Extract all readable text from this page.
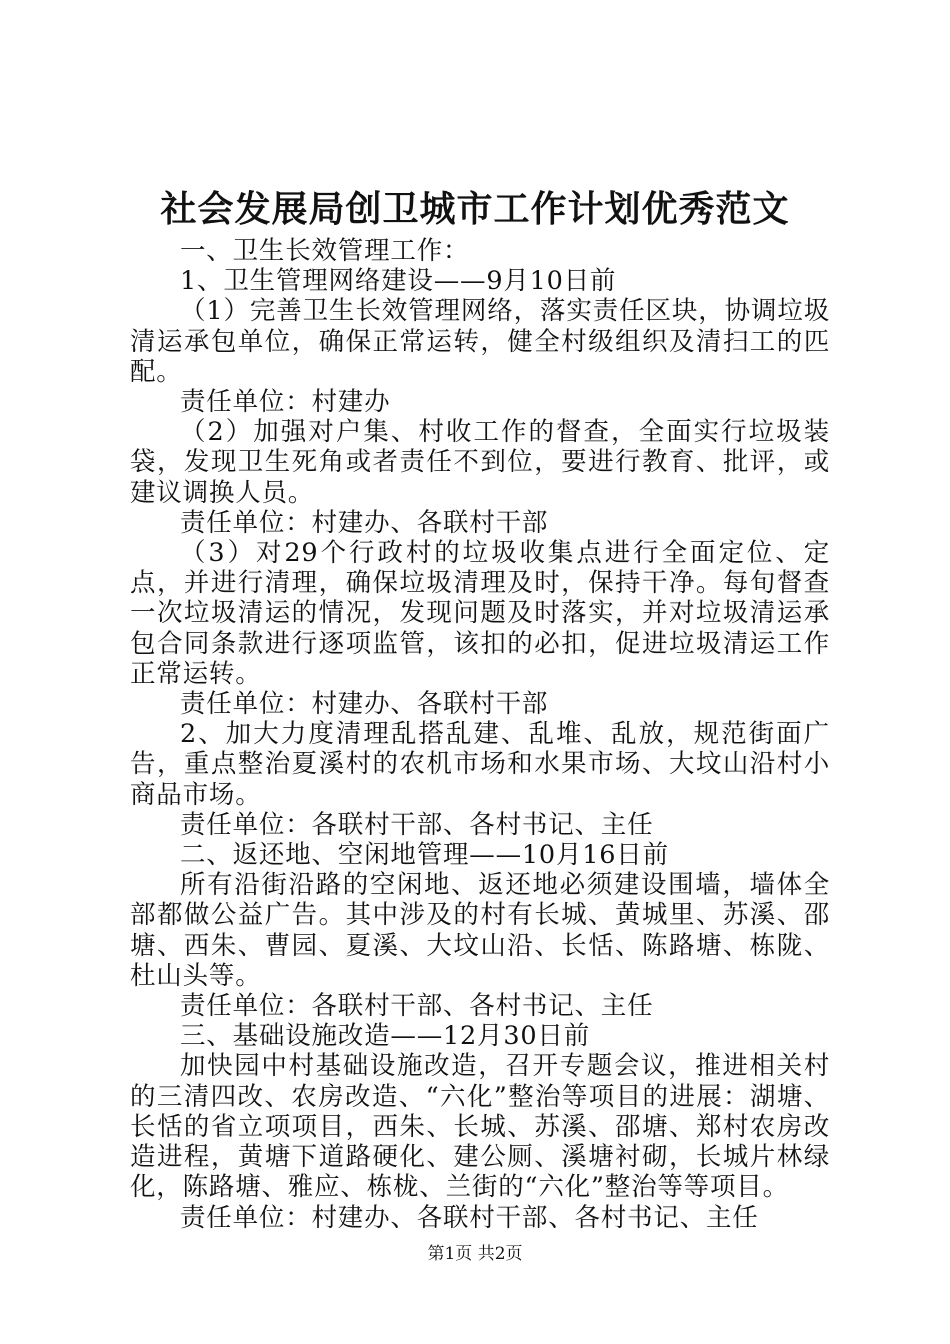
社会发展局创卫城市工作计划优秀范文

一、卫生长效管理工作：

1、卫生管理网络建设——9月10日前

（1）完善卫生长效管理网络，落实责任区块，协调垃圾清运承包单位，确保正常运转，健全村级组织及清扫工的匹配。

责任单位：村建办

（2）加强对户集、村收工作的督查，全面实行垃圾装袋，发现卫生死角或者责任不到位，要进行教育、批评，或建议调换人员。

责任单位：村建办、各联村干部

（3）对29个行政村的垃圾收集点进行全面定位、定点，并进行清理，确保垃圾清理及时，保持干净。每旬督查一次垃圾清运的情况，发现问题及时落实，并对垃圾清运承包合同条款进行逐项监管，该扣的必扣，促进垃圾清运工作正常运转。

责任单位：村建办、各联村干部

2、加大力度清理乱搭乱建、乱堆、乱放，规范街面广告，重点整治夏溪村的农机市场和水果市场、大坟山沿村小商品市场。

责任单位：各联村干部、各村书记、主任

二、返还地、空闲地管理——10月16日前

所有沿街沿路的空闲地、返还地必须建设围墙，墙体全部都做公益广告。其中涉及的村有长城、黄城里、苏溪、邵塘、西朱、曹园、夏溪、大坟山沿、长恬、陈路塘、栋陇、杜山头等。

责任单位：各联村干部、各村书记、主任

三、基础设施改造——12月30日前

加快园中村基础设施改造，召开专题会议，推进相关村的三清四改、农房改造、“六化”整治等项目的进展：湖塘、长恬的省立项项目，西朱、长城、苏溪、邵塘、郑村农房改造进程，黄塘下道路硬化、建公厕、溪塘衬砌，长城片林绿化，陈路塘、雅应、栋栊、兰街的“六化”整治等等项目。

责任单位：村建办、各联村干部、各村书记、主任

第1页 共2页
